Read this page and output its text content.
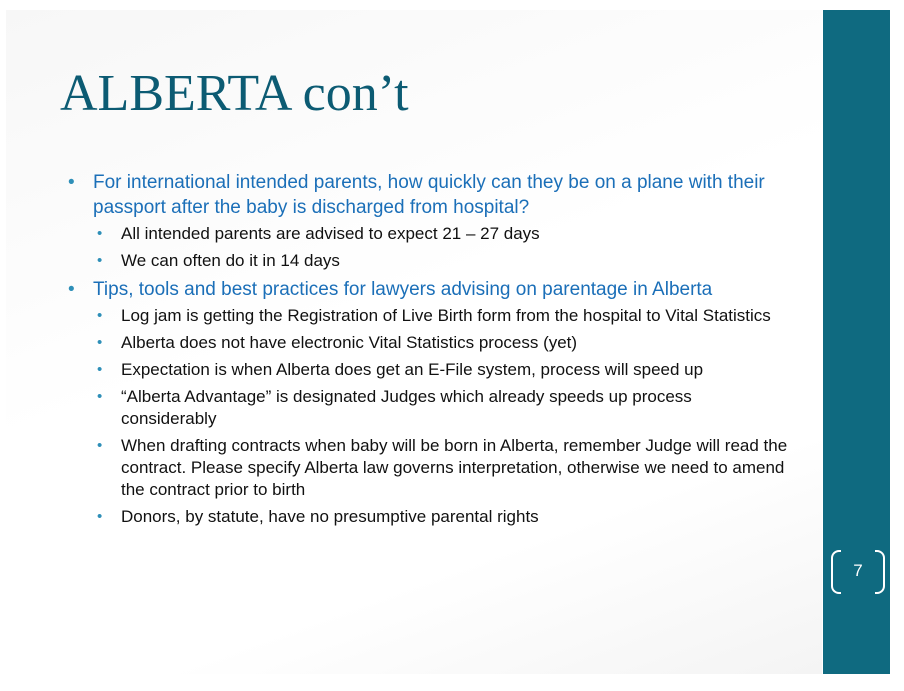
ALBERTA con’t
• For international intended parents, how quickly can they be on a plane with their passport after the baby is discharged from hospital?
• All intended parents are advised to expect 21 – 27 days
• We can often do it in 14 days
• Tips, tools and best practices for lawyers advising on parentage in Alberta
• Log jam is getting the Registration of Live Birth form from the hospital to Vital Statistics
• Alberta does not have electronic Vital Statistics process (yet)
• Expectation is when Alberta does get an E-File system, process will speed up
• “Alberta Advantage” is designated Judges which already speeds up process considerably
• When drafting contracts when baby will be born in Alberta, remember Judge will read the contract. Please specify Alberta law governs interpretation, otherwise we need to amend the contract prior to birth
• Donors, by statute, have no presumptive parental rights
7
